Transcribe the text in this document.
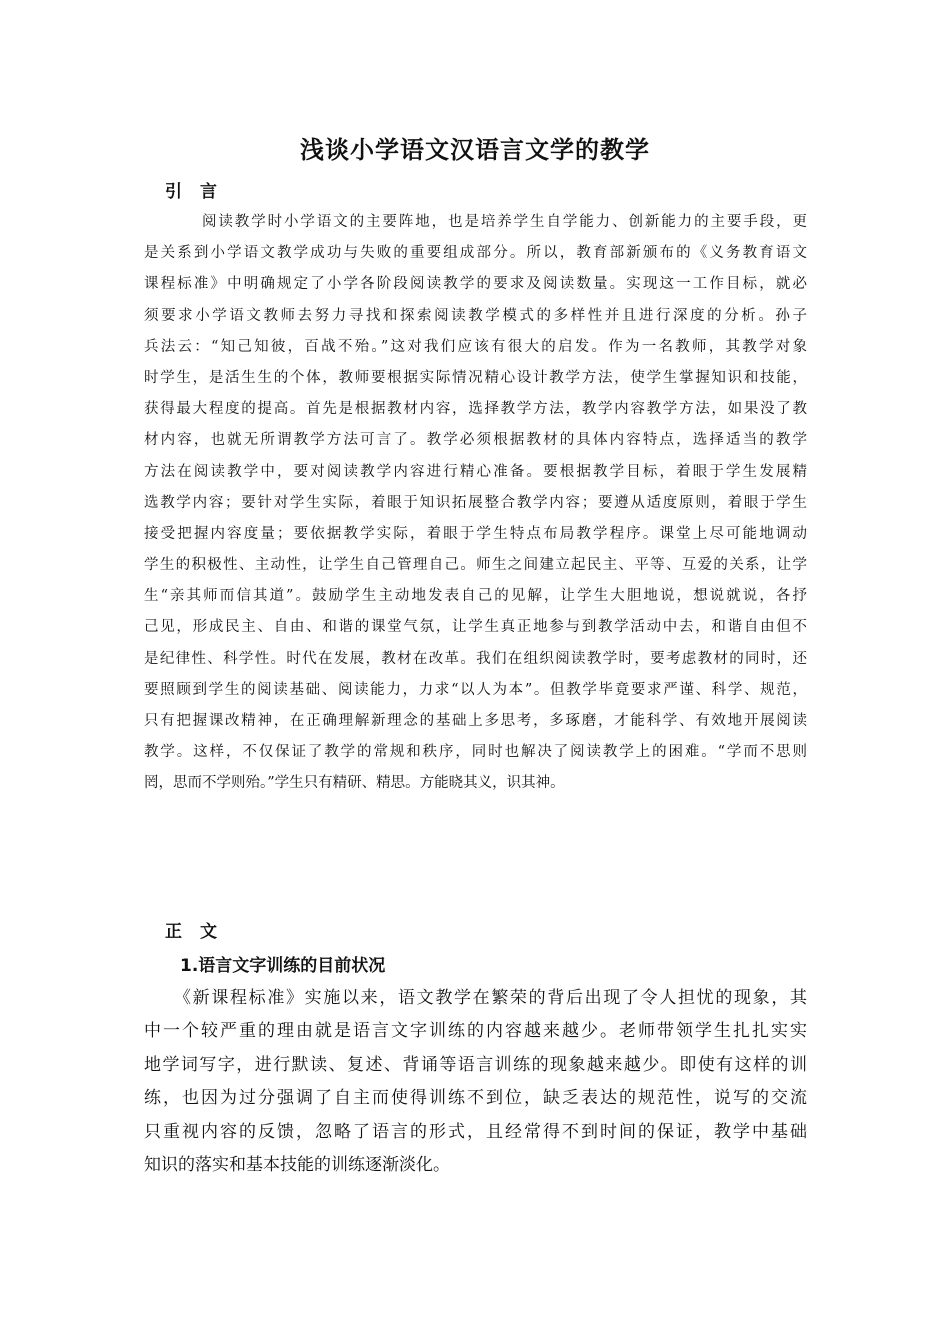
浅谈小学语文汉语言文学的教学
引言
阅读教学时小学语文的主要阵地，也是培养学生自学能力、创新能力的主要手段，更
是关系到小学语文教学成功与失败的重要组成部分。所以，教育部新颁布的《义务教育语文
课程标准》中明确规定了小学各阶段阅读教学的要求及阅读数量。实现这一工作目标，就必
须要求小学语文教师去努力寻找和探索阅读教学模式的多样性并且进行深度的分析。孙子
兵法云：“知己知彼，百战不殆。”这对我们应该有很大的启发。作为一名教师，其教学对象
时学生，是活生生的个体，教师要根据实际情况精心设计教学方法，使学生掌握知识和技能，
获得最大程度的提高。首先是根据教材内容，选择教学方法，教学内容教学方法，如果没了教
材内容，也就无所谓教学方法可言了。教学必须根据教材的具体内容特点，选择适当的教学
方法在阅读教学中，要对阅读教学内容进行精心准备。要根据教学目标，着眼于学生发展精
选教学内容；要针对学生实际，着眼于知识拓展整合教学内容；要遵从适度原则，着眼于学生
接受把握内容度量；要依据教学实际，着眼于学生特点布局教学程序。课堂上尽可能地调动
学生的积极性、主动性，让学生自己管理自己。师生之间建立起民主、平等、互爱的关系，让学
生“亲其师而信其道”。鼓励学生主动地发表自己的见解，让学生大胆地说，想说就说，各抒
己见，形成民主、自由、和谐的课堂气氛，让学生真正地参与到教学活动中去，和谐自由但不
是纪律性、科学性。时代在发展，教材在改革。我们在组织阅读教学时，要考虑教材的同时，还
要照顾到学生的阅读基础、阅读能力，力求“以人为本”。但教学毕竟要求严谨、科学、规范，
只有把握课改精神，在正确理解新理念的基础上多思考，多琢磨，才能科学、有效地开展阅读
教学。这样，不仅保证了教学的常规和秩序，同时也解决了阅读教学上的困难。“学而不思则
罔，思而不学则殆。”学生只有精研、精思。方能晓其义，识其神。
正文
1.语言文字训练的目前状况
《新课程标准》实施以来，语文教学在繁荣的背后出现了令人担忧的现象，其
中一个较严重的理由就是语言文字训练的内容越来越少。老师带领学生扎扎实实
地学词写字，进行默读、复述、背诵等语言训练的现象越来越少。即使有这样的训
练，也因为过分强调了自主而使得训练不到位，缺乏表达的规范性，说写的交流
只重视内容的反馈，忽略了语言的形式，且经常得不到时间的保证，教学中基础
知识的落实和基本技能的训练逐渐淡化。
